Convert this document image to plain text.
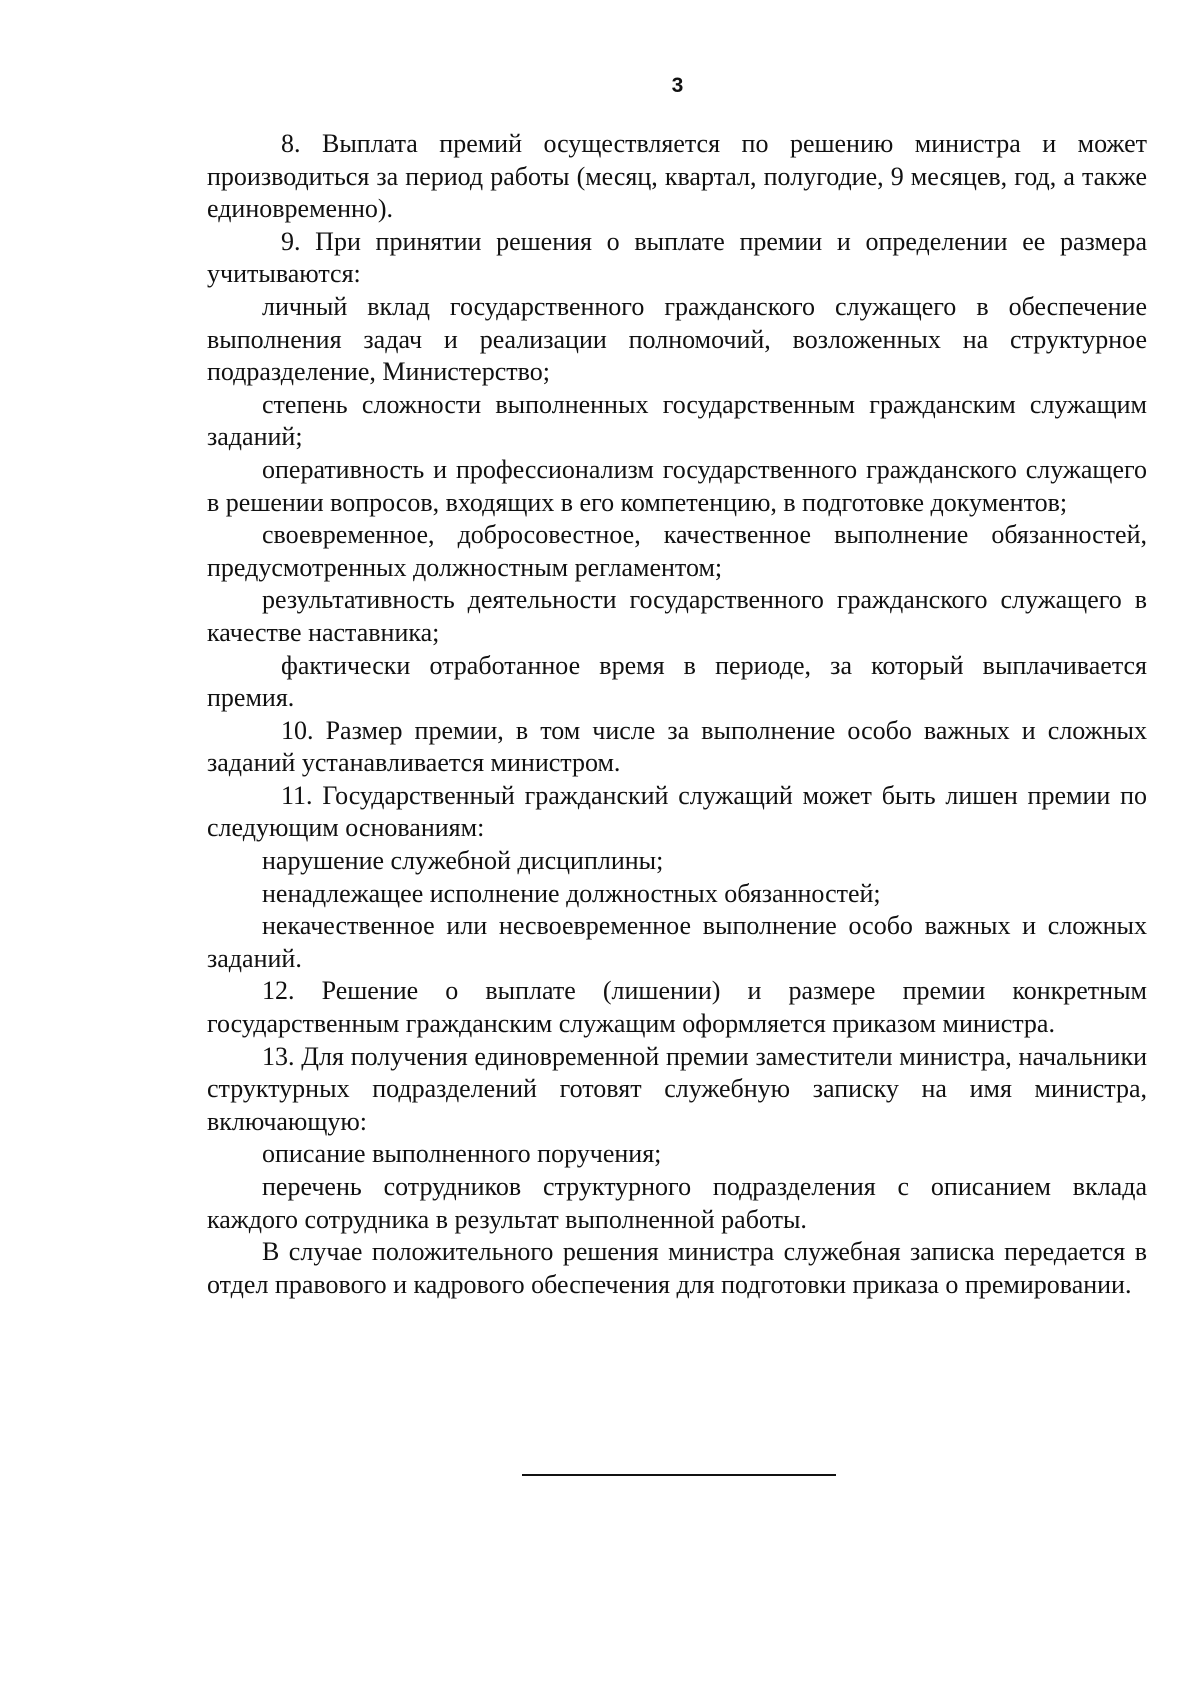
3

8. Выплата премий осуществляется по решению министра и может производиться за период работы (месяц, квартал, полугодие, 9 месяцев, год, а также единовременно).

9. При принятии решения о выплате премии и определении ее размера учитываются:

личный вклад государственного гражданского служащего в обеспечение выполнения задач и реализации полномочий, возложенных на структурное подразделение, Министерство;

степень сложности выполненных государственным гражданским служащим заданий;

оперативность и профессионализм государственного гражданского служащего в решении вопросов, входящих в его компетенцию, в подготовке документов;

своевременное, добросовестное, качественное выполнение обязанностей, предусмотренных должностным регламентом;

результативность деятельности государственного гражданского служащего в качестве наставника;

фактически отработанное время в периоде, за который выплачивается премия.

10. Размер премии, в том числе за выполнение особо важных и сложных заданий устанавливается министром.

11. Государственный гражданский служащий может быть лишен премии по следующим основаниям:

нарушение служебной дисциплины;

ненадлежащее исполнение должностных обязанностей;

некачественное или несвоевременное выполнение особо важных и сложных заданий.

12. Решение о выплате (лишении) и размере премии конкретным государственным гражданским служащим оформляется приказом министра.

13. Для получения единовременной премии заместители министра, начальники структурных подразделений готовят служебную записку на имя министра, включающую:

описание выполненного поручения;

перечень сотрудников структурного подразделения с описанием вклада каждого сотрудника в результат выполненной работы.

В случае положительного решения министра служебная записка передается в отдел правового и кадрового обеспечения для подготовки приказа о премировании.
